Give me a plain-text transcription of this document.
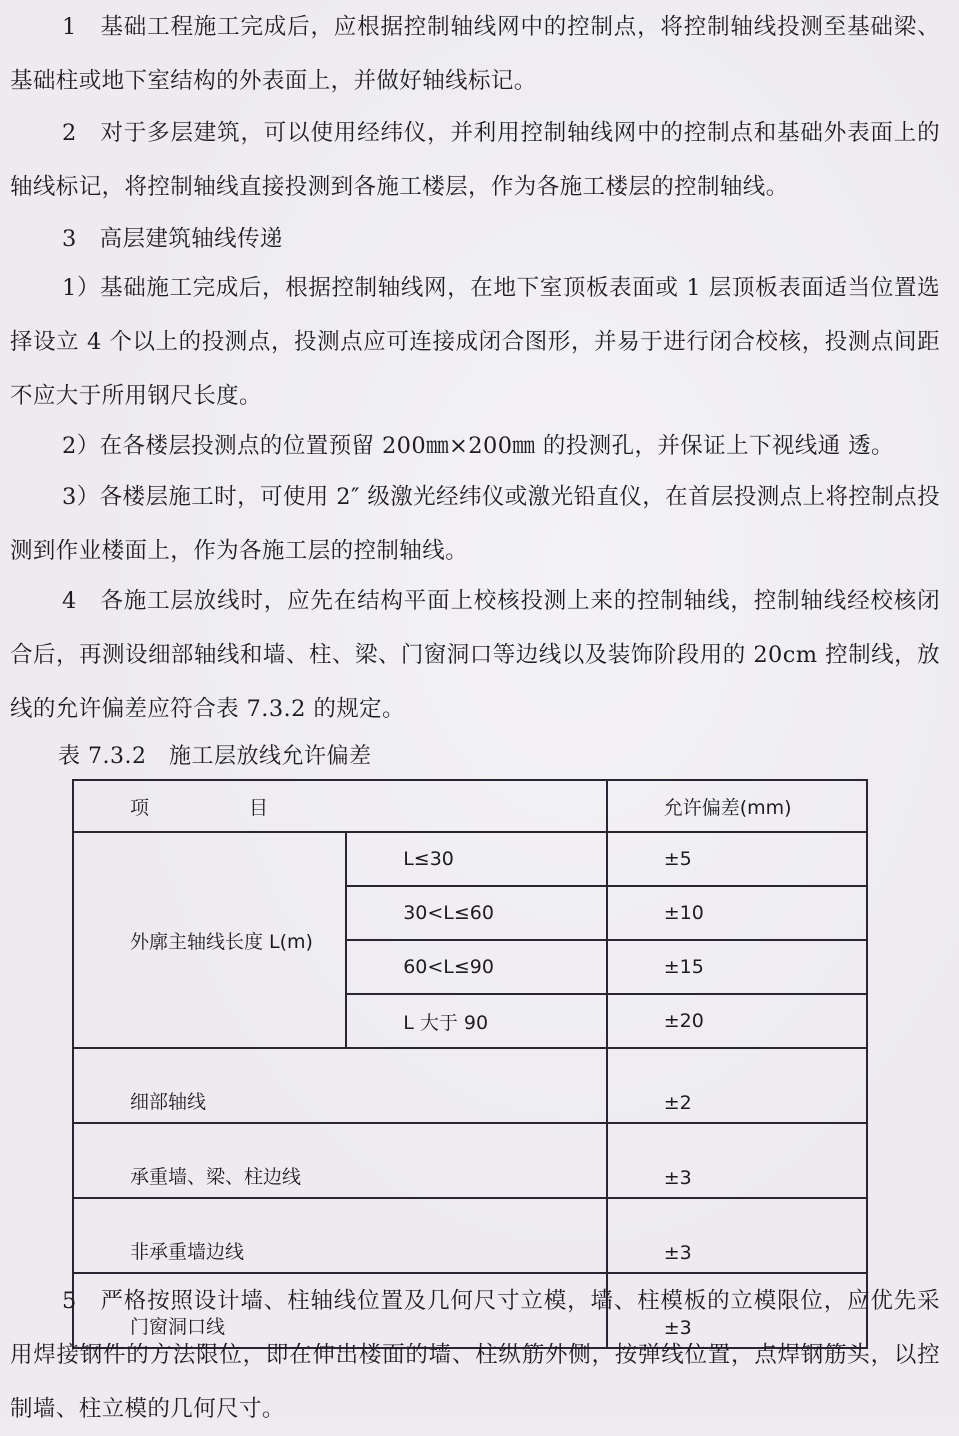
1　基础工程施工完成后，应根据控制轴线网中的控制点，将控制轴线投测至基础梁、基础柱或地下室结构的外表面上，并做好轴线标记。

2　对于多层建筑，可以使用经纬仪，并利用控制轴线网中的控制点和基础外表面上的轴线标记，将控制轴线直接投测到各施工楼层，作为各施工楼层的控制轴线。

3　高层建筑轴线传递

1）基础施工完成后，根据控制轴线网，在地下室顶板表面或 1 层顶板表面适当位置选择设立 4 个以上的投测点，投测点应可连接成闭合图形，并易于进行闭合校核，投测点间距不应大于所用钢尺长度。

2）在各楼层投测点的位置预留 200㎜×200㎜ 的投测孔，并保证上下视线通 透。

3）各楼层施工时，可使用 2″ 级激光经纬仪或激光铅直仪，在首层投测点上将控制点投测到作业楼面上，作为各施工层的控制轴线。

4　各施工层放线时，应先在结构平面上校核投测上来的控制轴线，控制轴线经校核闭合后，再测设细部轴线和墙、柱、梁、门窗洞口等边线以及装饰阶段用的 20cm 控制线，放线的允许偏差应符合表 7.3.2 的规定。

表 7.3.2　施工层放线允许偏差

项 目		允许偏差(mm)
外廓主轴线长度 L(m)	L≤30	±5
	30<L≤60	±10
	60<L≤90	±15
	L 大于 90	±20
细部轴线		±2
承重墙、梁、柱边线		±3
非承重墙边线		±3
门窗洞口线		±3

5　严格按照设计墙、柱轴线位置及几何尺寸立模，墙、柱模板的立模限位，应优先采用焊接钢件的方法限位，即在伸出楼面的墙、柱纵筋外侧，按弹线位置，点焊钢筋头，以控制墙、柱立模的几何尺寸。
